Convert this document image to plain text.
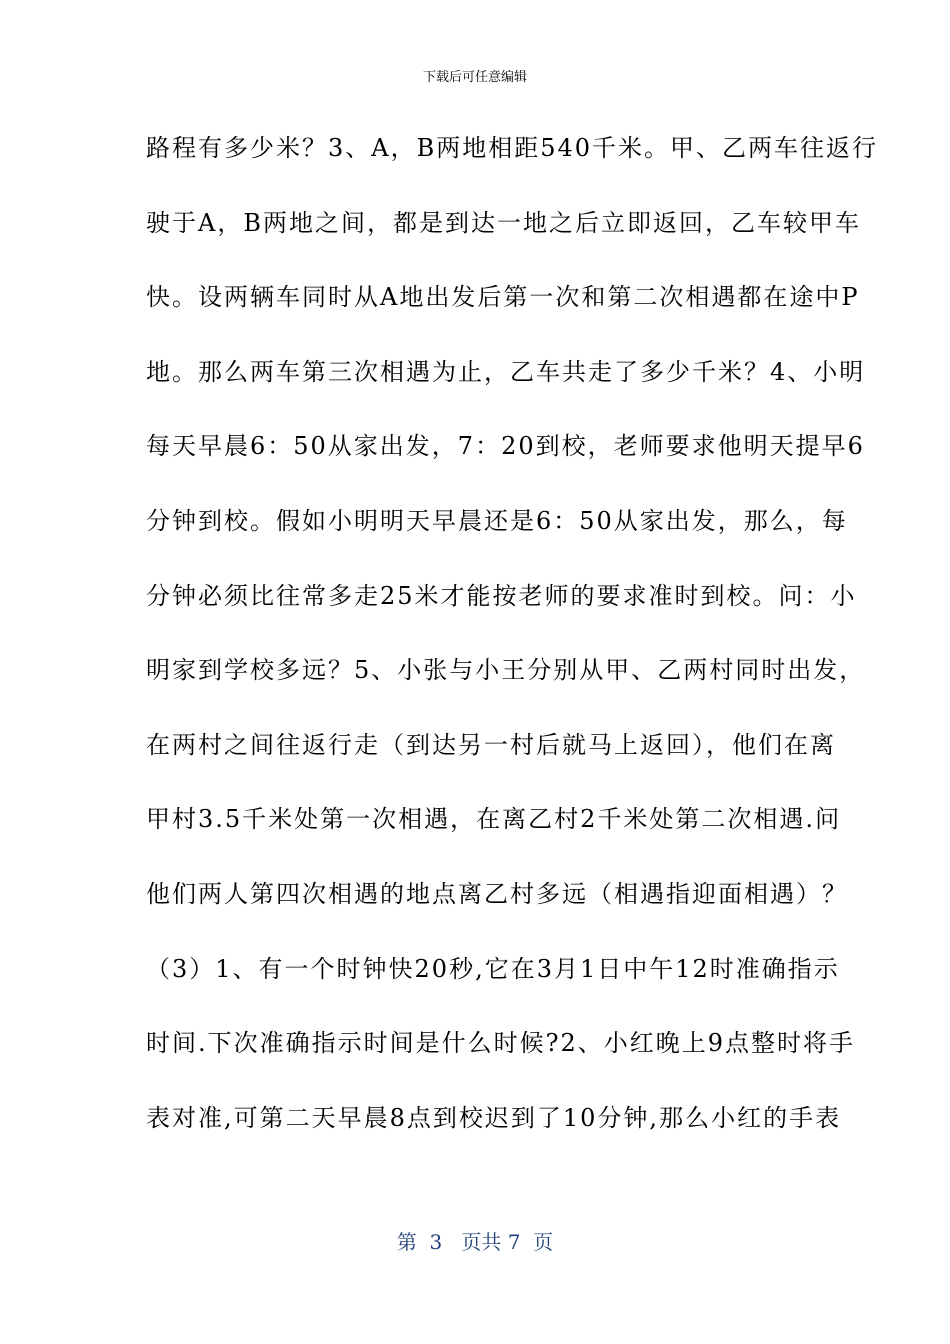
下载后可任意编辑
路程有多少米？3、A，B两地相距540千米。甲、乙两车往返行
驶于A，B两地之间，都是到达一地之后立即返回，乙车较甲车
快。设两辆车同时从A地出发后第一次和第二次相遇都在途中P
地。那么两车第三次相遇为止，乙车共走了多少千米？4、小明
每天早晨6：50从家出发，7：20到校，老师要求他明天提早6
分钟到校。假如小明明天早晨还是6：50从家出发，那么，每
分钟必须比往常多走25米才能按老师的要求准时到校。问：小
明家到学校多远？5、小张与小王分别从甲、乙两村同时出发，
在两村之间往返行走（到达另一村后就马上返回），他们在离
甲村3.5千米处第一次相遇，在离乙村2千米处第二次相遇.问
他们两人第四次相遇的地点离乙村多远（相遇指迎面相遇）？
（3）1、有一个时钟快20秒,它在3月1日中午12时准确指示
时间.下次准确指示时间是什么时候?2、小红晚上9点整时将手
表对准,可第二天早晨8点到校迟到了10分钟,那么小红的手表
第  3   页共 7  页
